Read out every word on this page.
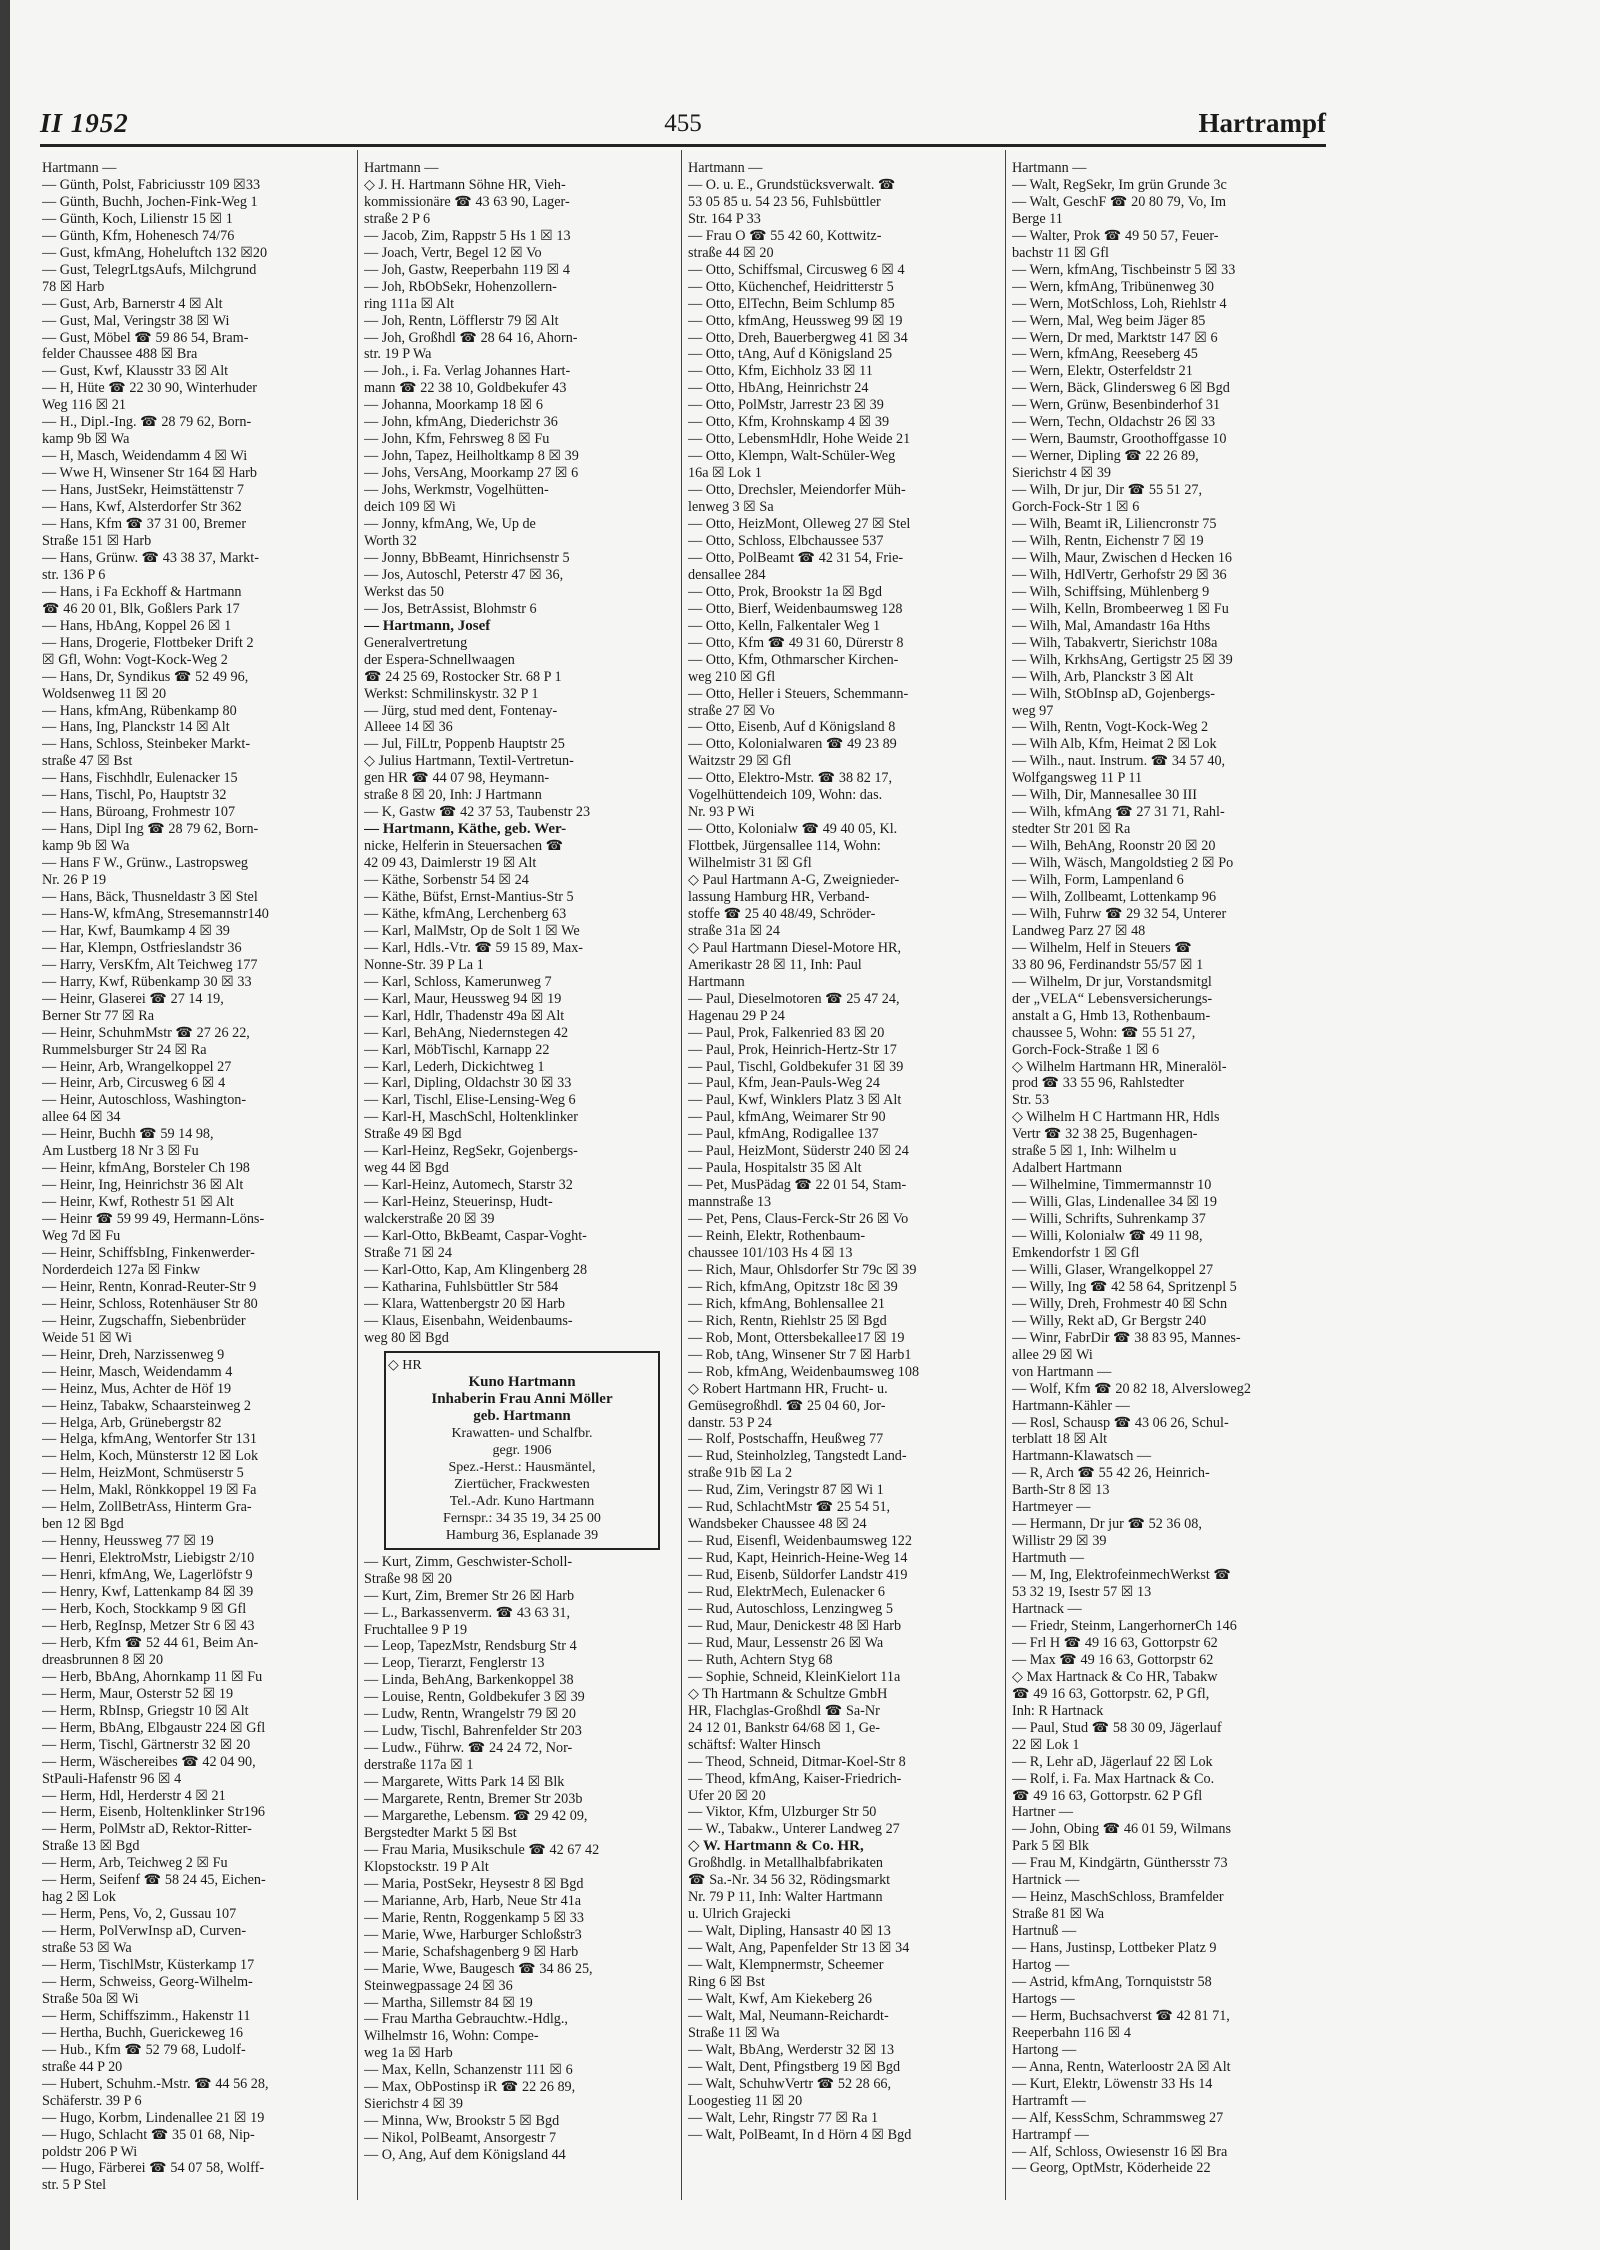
II 1952	455	Hartrampf
Hartmann —
— Günth, Polst, Fabriciusstr 109 ☒33
— Günth, Buchh, Jochen-Fink-Weg 1
— Günth, Koch, Lilienstr 15 ☒ 1
— Günth, Kfm, Hohenesch 74/76
— Gust, kfmAng, Hoheluftch 132 ☒20
— Gust, TelegrLtgsAufs, Milchgrund
78 ☒ Harb
— Gust, Arb, Barnerstr 4 ☒ Alt
— Gust, Mal, Veringstr 38 ☒ Wi
— Gust, Möbel ☎ 59 86 54, Bram-
felder Chaussee 488 ☒ Bra
— Gust, Kwf, Klausstr 33 ☒ Alt
— H, Hüte ☎ 22 30 90, Winterhuder
Weg 116 ☒ 21
— H., Dipl.-Ing. ☎ 28 79 62, Born-
kamp 9b ☒ Wa
— H, Masch, Weidendamm 4 ☒ Wi
— Wwe H, Winsener Str 164 ☒ Harb
— Hans, JustSekr, Heimstättenstr 7
— Hans, Kwf, Alsterdorfer Str 362
— Hans, Kfm ☎ 37 31 00, Bremer
Straße 151 ☒ Harb
— Hans, Grünw. ☎ 43 38 37, Markt-
str. 136 P 6
— Hans, i Fa Eckhoff & Hartmann
☎ 46 20 01, Blk, Goßlers Park 17
— Hans, HbAng, Koppel 26 ☒ 1
— Hans, Drogerie, Flottbeker Drift 2
☒ Gfl, Wohn: Vogt-Kock-Weg 2
— Hans, Dr, Syndikus ☎ 52 49 96,
Woldsenweg 11 ☒ 20
— Hans, kfmAng, Rübenkamp 80
— Hans, Ing, Planckstr 14 ☒ Alt
— Hans, Schloss, Steinbeker Markt-
straße 47 ☒ Bst
— Hans, Fischhdlr, Eulenacker 15
— Hans, Tischl, Po, Hauptstr 32
— Hans, Büroang, Frohmestr 107
— Hans, Dipl Ing ☎ 28 79 62, Born-
kamp 9b ☒ Wa
— Hans F W., Grünw., Lastropsweg
Nr. 26 P 19
— Hans, Bäck, Thusneldastr 3 ☒ Stel
— Hans-W, kfmAng, Stresemannstr140
— Har, Kwf, Baumkamp 4 ☒ 39
— Har, Klempn, Ostfrieslandstr 36
— Harry, VersKfm, Alt Teichweg 177
— Harry, Kwf, Rübenkamp 30 ☒ 33
— Heinr, Glaserei ☎ 27 14 19,
Berner Str 77 ☒ Ra
— Heinr, SchuhmMstr ☎ 27 26 22,
Rummelsburger Str 24 ☒ Ra
— Heinr, Arb, Wrangelkoppel 27
— Heinr, Arb, Circusweg 6 ☒ 4
— Heinr, Autoschloss, Washington-
allee 64 ☒ 34
— Heinr, Buchh ☎ 59 14 98,
Am Lustberg 18 Nr 3 ☒ Fu
— Heinr, kfmAng, Borsteler Ch 198
— Heinr, Ing, Heinrichstr 36 ☒ Alt
— Heinr, Kwf, Rothestr 51 ☒ Alt
— Heinr ☎ 59 99 49, Hermann-Löns-
Weg 7d ☒ Fu
— Heinr, SchiffsbIng, Finkenwerder-
Norderdeich 127a ☒ Finkw
— Heinr, Rentn, Konrad-Reuter-Str 9
— Heinr, Schloss, Rotenhäuser Str 80
— Heinr, Zugschaffn, Siebenbrüder
Weide 51 ☒ Wi
— Heinr, Dreh, Narzissenweg 9
— Heinr, Masch, Weidendamm 4
— Heinz, Mus, Achter de Höf 19
— Heinz, Tabakw, Schaarsteinweg 2
— Helga, Arb, Grünebergstr 82
— Helga, kfmAng, Wentorfer Str 131
— Helm, Koch, Münsterstr 12 ☒ Lok
— Helm, HeizMont, Schmüserstr 5
— Helm, Makl, Rönkkoppel 19 ☒ Fa
— Helm, ZollBetrAss, Hinterm Gra-
ben 12 ☒ Bgd
— Henny, Heussweg 77 ☒ 19
— Henri, ElektroMstr, Liebigstr 2/10
— Henri, kfmAng, We, Lagerlöfstr 9
— Henry, Kwf, Lattenkamp 84 ☒ 39
— Herb, Koch, Stockkamp 9 ☒ Gfl
— Herb, RegInsp, Metzer Str 6 ☒ 43
— Herb, Kfm ☎ 52 44 61, Beim An-
dreasbrunnen 8 ☒ 20
— Herb, BbAng, Ahornkamp 11 ☒ Fu
— Herm, Maur, Osterstr 52 ☒ 19
— Herm, RbInsp, Griegstr 10 ☒ Alt
— Herm, BbAng, Elbgaustr 224 ☒ Gfl
— Herm, Tischl, Gärtnerstr 32 ☒ 20
— Herm, Wäschereibes ☎ 42 04 90,
StPauli-Hafenstr 96 ☒ 4
— Herm, Hdl, Herderstr 4 ☒ 21
— Herm, Eisenb, Holtenklinker Str196
— Herm, PolMstr aD, Rektor-Ritter-
Straße 13 ☒ Bgd
— Herm, Arb, Teichweg 2 ☒ Fu
— Herm, Seifenf ☎ 58 24 45, Eichen-
hag 2 ☒ Lok
— Herm, Pens, Vo, 2, Gussau 107
— Herm, PolVerwInsp aD, Curven-
straße 53 ☒ Wa
— Herm, TischlMstr, Küsterkamp 17
— Herm, Schweiss, Georg-Wilhelm-
Straße 50a ☒ Wi
— Herm, Schiffszimm., Hakenstr 11
— Hertha, Buchh, Guerickeweg 16
— Hub., Kfm ☎ 52 79 68, Ludolf-
straße 44 P 20
— Hubert, Schuhm.-Mstr. ☎ 44 56 28,
Schäferstr. 39 P 6
— Hugo, Korbm, Lindenallee 21 ☒ 19
— Hugo, Schlacht ☎ 35 01 68, Nip-
poldstr 206 P Wi
— Hugo, Färberei ☎ 54 07 58, Wolff-
str. 5 P Stel
Hartmann —
◇ J. H. Hartmann Söhne HR, Vieh-
kommissionäre ☎ 43 63 90, Lager-
straße 2 P 6
— Jacob, Zim, Rappstr 5 Hs 1 ☒ 13
— Joach, Vertr, Begel 12 ☒ Vo
— Joh, Gastw, Reeperbahn 119 ☒ 4
— Joh, RbObSekr, Hohenzollern-
ring 111a ☒ Alt
— Joh, Rentn, Löfflerstr 79 ☒ Alt
— Joh, Großhdl ☎ 28 64 16, Ahorn-
str. 19 P Wa
— Joh., i. Fa. Verlag Johannes Hart-
mann ☎ 22 38 10, Goldbekufer 43
— Johanna, Moorkamp 18 ☒ 6
— John, kfmAng, Diederichstr 36
— John, Kfm, Fehrsweg 8 ☒ Fu
— John, Tapez, Heilholtkamp 8 ☒ 39
— Johs, VersAng, Moorkamp 27 ☒ 6
— Johs, Werkmstr, Vogelhütten-
deich 109 ☒ Wi
— Jonny, kfmAng, We, Up de
Worth 32
— Jonny, BbBeamt, Hinrichsenstr 5
— Jos, Autoschl, Peterstr 47 ☒ 36,
Werkst das 50
— Jos, BetrAssist, Blohmstr 6
— Hartmann, Josef
Generalvertretung
der Espera-Schnellwaagen
☎ 24 25 69, Rostocker Str. 68 P 1
Werkst: Schmilinskystr. 32 P 1
— Jürg, stud med dent, Fontenay-
Alleee 14 ☒ 36
— Jul, FilLtr, Poppenb Hauptstr 25
◇ Julius Hartmann, Textil-Vertretun-
gen HR ☎ 44 07 98, Heymann-
straße 8 ☒ 20, Inh: J Hartmann
— K, Gastw ☎ 42 37 53, Taubenstr 23
— Hartmann, Käthe, geb. Wer-
nicke, Helferin in Steuersachen ☎
42 09 43, Daimlerstr 19 ☒ Alt
— Käthe, Sorbenstr 54 ☒ 24
— Käthe, Büfst, Ernst-Mantius-Str 5
— Käthe, kfmAng, Lerchenberg 63
— Karl, MalMstr, Op de Solt 1 ☒ We
— Karl, Hdls.-Vtr. ☎ 59 15 89, Max-
Nonne-Str. 39 P La 1
— Karl, Schloss, Kamerunweg 7
— Karl, Maur, Heussweg 94 ☒ 19
— Karl, Hdlr, Thadenstr 49a ☒ Alt
— Karl, BehAng, Niedernstegen 42
— Karl, MöbTischl, Karnapp 22
— Karl, Lederh, Dickichtweg 1
— Karl, Dipling, Oldachstr 30 ☒ 33
— Karl, Tischl, Elise-Lensing-Weg 6
— Karl-H, MaschSchl, Holtenklinker
Straße 49 ☒ Bgd
— Karl-Heinz, RegSekr, Gojenbergs-
weg 44 ☒ Bgd
— Karl-Heinz, Automech, Starstr 32
— Karl-Heinz, Steuerinsp, Hudt-
walckerstraße 20 ☒ 39
— Karl-Otto, BkBeamt, Caspar-Voght-
Straße 71 ☒ 24
— Karl-Otto, Kap, Am Klingenberg 28
— Katharina, Fuhlsbüttler Str 584
— Klara, Wattenbergstr 20 ☒ Harb
— Klaus, Eisenbahn, Weidenbaums-
weg 80 ☒ Bgd
◇ HR
Kuno Hartmann
Inhaberin Frau Anni Möller
geb. Hartmann
Krawatten- und Schalfbr.
gegr. 1906
Spez.-Herst.: Hausmäntel,
Ziertücher, Frackwesten
Tel.-Adr. Kuno Hartmann
Fernspr.: 34 35 19, 34 25 00
Hamburg 36, Esplanade 39
— Kurt, Zimm, Geschwister-Scholl-
Straße 98 ☒ 20
— Kurt, Zim, Bremer Str 26 ☒ Harb
— L., Barkassenverm. ☎ 43 63 31,
Fruchtallee 9 P 19
— Leop, TapezMstr, Rendsburg Str 4
— Leop, Tierarzt, Fenglerstr 13
— Linda, BehAng, Barkenkoppel 38
— Louise, Rentn, Goldbekufer 3 ☒ 39
— Ludw, Rentn, Wrangelstr 79 ☒ 20
— Ludw, Tischl, Bahrenfelder Str 203
— Ludw., Führw. ☎ 24 24 72, Nor-
derstraße 117a ☒ 1
— Margarete, Witts Park 14 ☒ Blk
— Margarete, Rentn, Bremer Str 203b
— Margarethe, Lebensm. ☎ 29 42 09,
Bergstedter Markt 5 ☒ Bst
— Frau Maria, Musikschule ☎ 42 67 42
Klopstockstr. 19 P Alt
— Maria, PostSekr, Heysestr 8 ☒ Bgd
— Marianne, Arb, Harb, Neue Str 41a
— Marie, Rentn, Roggenkamp 5 ☒ 33
— Marie, Wwe, Harburger Schloßstr3
— Marie, Schafshagenberg 9 ☒ Harb
— Marie, Wwe, Baugesch ☎ 34 86 25,
Steinwegpassage 24 ☒ 36
— Martha, Sillemstr 84 ☒ 19
— Frau Martha Gebrauchtw.-Hdlg.,
Wilhelmstr 16, Wohn: Compe-
weg 1a ☒ Harb
— Max, Kelln, Schanzenstr 111 ☒ 6
— Max, ObPostinsp iR ☎ 22 26 89,
Sierichstr 4 ☒ 39
— Minna, Ww, Brookstr 5 ☒ Bgd
— Nikol, PolBeamt, Ansorgestr 7
— O, Ang, Auf dem Königsland 44
Hartmann —
— O. u. E., Grundstücksverwalt. ☎
53 05 85 u. 54 23 56, Fuhlsbüttler
Str. 164 P 33
— Frau O ☎ 55 42 60, Kottwitz-
straße 44 ☒ 20
— Otto, Schiffsmal, Circusweg 6 ☒ 4
— Otto, Küchenchef, Heidritterstr 5
— Otto, ElTechn, Beim Schlump 85
— Otto, kfmAng, Heussweg 99 ☒ 19
— Otto, Dreh, Bauerbergweg 41 ☒ 34
— Otto, tAng, Auf d Königsland 25
— Otto, Kfm, Eichholz 33 ☒ 11
— Otto, HbAng, Heinrichstr 24
— Otto, PolMstr, Jarrestr 23 ☒ 39
— Otto, Kfm, Krohnskamp 4 ☒ 39
— Otto, LebensmHdlr, Hohe Weide 21
— Otto, Klempn, Walt-Schüler-Weg
16a ☒ Lok 1
— Otto, Drechsler, Meiendorfer Müh-
lenweg 3 ☒ Sa
— Otto, HeizMont, Olleweg 27 ☒ Stel
— Otto, Schloss, Elbchaussee 537
— Otto, PolBeamt ☎ 42 31 54, Frie-
densallee 284
— Otto, Prok, Brookstr 1a ☒ Bgd
— Otto, Bierf, Weidenbaumsweg 128
— Otto, Kelln, Falkentaler Weg 1
— Otto, Kfm ☎ 49 31 60, Dürerstr 8
— Otto, Kfm, Othmarscher Kirchen-
weg 210 ☒ Gfl
— Otto, Heller i Steuers, Schemmann-
straße 27 ☒ Vo
— Otto, Eisenb, Auf d Königsland 8
— Otto, Kolonialwaren ☎ 49 23 89
Waitzstr 29 ☒ Gfl
— Otto, Elektro-Mstr. ☎ 38 82 17,
Vogelhüttendeich 109, Wohn: das.
Nr. 93 P Wi
— Otto, Kolonialw ☎ 49 40 05, Kl.
Flottbek, Jürgensallee 114, Wohn:
Wilhelmistr 31 ☒ Gfl
◇ Paul Hartmann A-G, Zweignieder-
lassung Hamburg HR, Verband-
stoffe ☎ 25 40 48/49, Schröder-
straße 31a ☒ 24
◇ Paul Hartmann Diesel-Motore HR,
Amerikastr 28 ☒ 11, Inh: Paul
Hartmann
— Paul, Dieselmotoren ☎ 25 47 24,
Hagenau 29 P 24
— Paul, Prok, Falkenried 83 ☒ 20
— Paul, Prok, Heinrich-Hertz-Str 17
— Paul, Tischl, Goldbekufer 31 ☒ 39
— Paul, Kfm, Jean-Pauls-Weg 24
— Paul, Kwf, Winklers Platz 3 ☒ Alt
— Paul, kfmAng, Weimarer Str 90
— Paul, kfmAng, Rodigallee 137
— Paul, HeizMont, Süderstr 240 ☒ 24
— Paula, Hospitalstr 35 ☒ Alt
— Pet, MusPädag ☎ 22 01 54, Stam-
mannstraße 13
— Pet, Pens, Claus-Ferck-Str 26 ☒ Vo
— Reinh, Elektr, Rothenbaum-
chaussee 101/103 Hs 4 ☒ 13
— Rich, Maur, Ohlsdorfer Str 79c ☒ 39
— Rich, kfmAng, Opitzstr 18c ☒ 39
— Rich, kfmAng, Bohlensallee 21
— Rich, Rentn, Riehlstr 25 ☒ Bgd
— Rob, Mont, Ottersbekallee17 ☒ 19
— Rob, tAng, Winsener Str 7 ☒ Harb1
— Rob, kfmAng, Weidenbaumsweg 108
◇ Robert Hartmann HR, Frucht- u.
Gemüsegroßhdl. ☎ 25 04 60, Jor-
danstr. 53 P 24
— Rolf, Postschaffn, Heußweg 77
— Rud, Steinholzleg, Tangstedt Land-
straße 91b ☒ La 2
— Rud, Zim, Veringstr 87 ☒ Wi 1
— Rud, SchlachtMstr ☎ 25 54 51,
Wandsbeker Chaussee 48 ☒ 24
— Rud, Eisenfl, Weidenbaumsweg 122
— Rud, Kapt, Heinrich-Heine-Weg 14
— Rud, Eisenb, Süldorfer Landstr 419
— Rud, ElektrMech, Eulenacker 6
— Rud, Autoschloss, Lenzingweg 5
— Rud, Maur, Denickestr 48 ☒ Harb
— Rud, Maur, Lessenstr 26 ☒ Wa
— Ruth, Achtern Styg 68
— Sophie, Schneid, KleinKielort 11a
◇ Th Hartmann & Schultze GmbH
HR, Flachglas-Großhdl ☎ Sa-Nr
24 12 01, Bankstr 64/68 ☒ 1, Ge-
schäftsf: Walter Hinsch
— Theod, Schneid, Ditmar-Koel-Str 8
— Theod, kfmAng, Kaiser-Friedrich-
Ufer 20 ☒ 20
— Viktor, Kfm, Ulzburger Str 50
— W., Tabakw., Unterer Landweg 27
◇ W. Hartmann & Co. HR,
Großhdlg. in Metallhalbfabrikaten
☎ Sa.-Nr. 34 56 32, Rödingsmarkt
Nr. 79 P 11, Inh: Walter Hartmann
u. Ulrich Grajecki
— Walt, Dipling, Hansastr 40 ☒ 13
— Walt, Ang, Papenfelder Str 13 ☒ 34
— Walt, Klempnermstr, Scheemer
Ring 6 ☒ Bst
— Walt, Kwf, Am Kiekeberg 26
— Walt, Mal, Neumann-Reichardt-
Straße 11 ☒ Wa
— Walt, BbAng, Werderstr 32 ☒ 13
— Walt, Dent, Pfingstberg 19 ☒ Bgd
— Walt, SchuhwVertr ☎ 52 28 66,
Loogestieg 11 ☒ 20
— Walt, Lehr, Ringstr 77 ☒ Ra 1
— Walt, PolBeamt, In d Hörn 4 ☒ Bgd
Hartmann —
— Walt, RegSekr, Im grün Grunde 3c
— Walt, GeschF ☎ 20 80 79, Vo, Im
Berge 11
— Walter, Prok ☎ 49 50 57, Feuer-
bachstr 11 ☒ Gfl
— Wern, kfmAng, Tischbeinstr 5 ☒ 33
— Wern, kfmAng, Tribünenweg 30
— Wern, MotSchloss, Loh, Riehlstr 4
— Wern, Mal, Weg beim Jäger 85
— Wern, Dr med, Marktstr 147 ☒ 6
— Wern, kfmAng, Reeseberg 45
— Wern, Elektr, Osterfeldstr 21
— Wern, Bäck, Glindersweg 6 ☒ Bgd
— Wern, Grünw, Besenbinderhof 31
— Wern, Techn, Oldachstr 26 ☒ 33
— Wern, Baumstr, Groothoffgasse 10
— Werner, Dipling ☎ 22 26 89,
Sierichstr 4 ☒ 39
— Wilh, Dr jur, Dir ☎ 55 51 27,
Gorch-Fock-Str 1 ☒ 6
— Wilh, Beamt iR, Liliencronstr 75
— Wilh, Rentn, Eichenstr 7 ☒ 19
— Wilh, Maur, Zwischen d Hecken 16
— Wilh, HdlVertr, Gerhofstr 29 ☒ 36
— Wilh, Schiffsing, Mühlenberg 9
— Wilh, Kelln, Brombeerweg 1 ☒ Fu
— Wilh, Mal, Amandastr 16a Hths
— Wilh, Tabakvertr, Sierichstr 108a
— Wilh, KrkhsAng, Gertigstr 25 ☒ 39
— Wilh, Arb, Planckstr 3 ☒ Alt
— Wilh, StObInsp aD, Gojenbergs-
weg 97
— Wilh, Rentn, Vogt-Kock-Weg 2
— Wilh Alb, Kfm, Heimat 2 ☒ Lok
— Wilh., naut. Instrum. ☎ 34 57 40,
Wolfgangsweg 11 P 11
— Wilh, Dir, Mannesallee 30 III
— Wilh, kfmAng ☎ 27 31 71, Rahl-
stedter Str 201 ☒ Ra
— Wilh, BehAng, Roonstr 20 ☒ 20
— Wilh, Wäsch, Mangoldstieg 2 ☒ Po
— Wilh, Form, Lampenland 6
— Wilh, Zollbeamt, Lottenkamp 96
— Wilh, Fuhrw ☎ 29 32 54, Unterer
Landweg Parz 27 ☒ 48
— Wilhelm, Helf in Steuers ☎
33 80 96, Ferdinandstr 55/57 ☒ 1
— Wilhelm, Dr jur, Vorstandsmitgl
der „VELA“ Lebensversicherungs-
anstalt a G, Hmb 13, Rothenbaum-
chaussee 5, Wohn: ☎ 55 51 27,
Gorch-Fock-Straße 1 ☒ 6
◇ Wilhelm Hartmann HR, Mineralöl-
prod ☎ 33 55 96, Rahlstedter
Str. 53
◇ Wilhelm H C Hartmann HR, Hdls
Vertr ☎ 32 38 25, Bugenhagen-
straße 5 ☒ 1, Inh: Wilhelm u
Adalbert Hartmann
— Wilhelmine, Timmermannstr 10
— Willi, Glas, Lindenallee 34 ☒ 19
— Willi, Schrifts, Suhrenkamp 37
— Willi, Kolonialw ☎ 49 11 98,
Emkendorfstr 1 ☒ Gfl
— Willi, Glaser, Wrangelkoppel 27
— Willy, Ing ☎ 42 58 64, Spritzenpl 5
— Willy, Dreh, Frohmestr 40 ☒ Schn
— Willy, Rekt aD, Gr Bergstr 240
— Winr, FabrDir ☎ 38 83 95, Mannes-
allee 29 ☒ Wi
von Hartmann —
— Wolf, Kfm ☎ 20 82 18, Alversloweg2
Hartmann-Kähler —
— Rosl, Schausp ☎ 43 06 26, Schul-
terblatt 18 ☒ Alt
Hartmann-Klawatsch —
— R, Arch ☎ 55 42 26, Heinrich-
Barth-Str 8 ☒ 13
Hartmeyer —
— Hermann, Dr jur ☎ 52 36 08,
Willistr 29 ☒ 39
Hartmuth —
— M, Ing, ElektrofeinmechWerkst ☎
53 32 19, Isestr 57 ☒ 13
Hartnack —
— Friedr, Steinm, LangerhornerCh 146
— Frl H ☎ 49 16 63, Gottorpstr 62
— Max ☎ 49 16 63, Gottorpstr 62
◇ Max Hartnack & Co HR, Tabakw
☎ 49 16 63, Gottorpstr. 62, P Gfl,
Inh: R Hartnack
— Paul, Stud ☎ 58 30 09, Jägerlauf
22 ☒ Lok 1
— R, Lehr aD, Jägerlauf 22 ☒ Lok
— Rolf, i. Fa. Max Hartnack & Co.
☎ 49 16 63, Gottorpstr. 62 P Gfl
Hartner —
— John, Obing ☎ 46 01 59, Wilmans
Park 5 ☒ Blk
— Frau M, Kindgärtn, Günthersstr 73
Hartnick —
— Heinz, MaschSchloss, Bramfelder
Straße 81 ☒ Wa
Hartnuß —
— Hans, Justinsp, Lottbeker Platz 9
Hartog —
— Astrid, kfmAng, Tornquiststr 58
Hartogs —
— Herm, Buchsachverst ☎ 42 81 71,
Reeperbahn 116 ☒ 4
Hartong —
— Anna, Rentn, Waterloostr 2A ☒ Alt
— Kurt, Elektr, Löwenstr 33 Hs 14
Hartramft —
— Alf, KessSchm, Schrammsweg 27
Hartrampf —
— Alf, Schloss, Owiesenstr 16 ☒ Bra
— Georg, OptMstr, Köderheide 22
